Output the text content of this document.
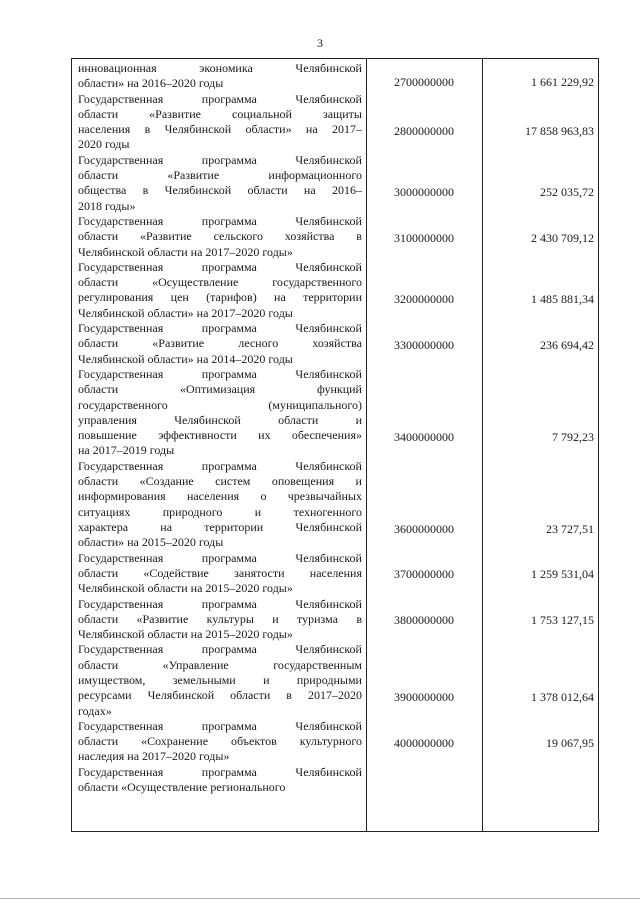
3
инновационная	экономика	Челябинской
области» на 2016–2020 годы	2700000000	1 661 229,92
Государственная	программа	Челябинской
области	«Развитие	социальной	защиты
населения в Челябинской области» на 2017–
2020 годы
2800000000	17 858 963,83
Государственная	программа	Челябинской
области	«Развитие	информационного
общества в Челябинской области на 2016–
2018 годы»
3000000000	252 035,72
Государственная	программа	Челябинской
области «Развитие сельского хозяйства в
Челябинской области на 2017–2020 годы»
3100000000	2 430 709,12
Государственная	программа	Челябинской
области	«Осуществление	государственного
регулирования цен (тарифов) на территории
Челябинской области» на 2017–2020 годы
3200000000	1 485 881,34
Государственная	программа	Челябинской
области	«Развитие	лесного	хозяйства
Челябинской области» на 2014–2020 годы
3300000000	236 694,42
Государственная	программа	Челябинской
области	«Оптимизация	функций
государственного	(муниципального)
управления	Челябинской	области	и
повышение эффективности их обеспечения»
на 2017–2019 годы
3400000000	7 792,23
Государственная	программа	Челябинской
области «Создание систем оповещения и
информирования населения о чрезвычайных
ситуациях	природного	и	техногенного
характера	на	территории	Челябинской
области» на 2015–2020 годы
3600000000	23 727,51
Государственная	программа	Челябинской
области «Содействие занятости населения
Челябинской области на 2015–2020 годы»
3700000000	1 259 531,04
Государственная	программа	Челябинской
области «Развитие культуры и туризма в
Челябинской области на 2015–2020 годы»
3800000000	1 753 127,15
Государственная	программа	Челябинской
области	«Управление	государственным
имуществом, земельными и природными
ресурсами Челябинской области в 2017–2020
годах»
3900000000	1 378 012,64
Государственная	программа	Челябинской
области «Сохранение объектов культурного
наследия на 2017–2020 годы»
4000000000	19 067,95
Государственная	программа	Челябинской
области «Осуществление регионального
